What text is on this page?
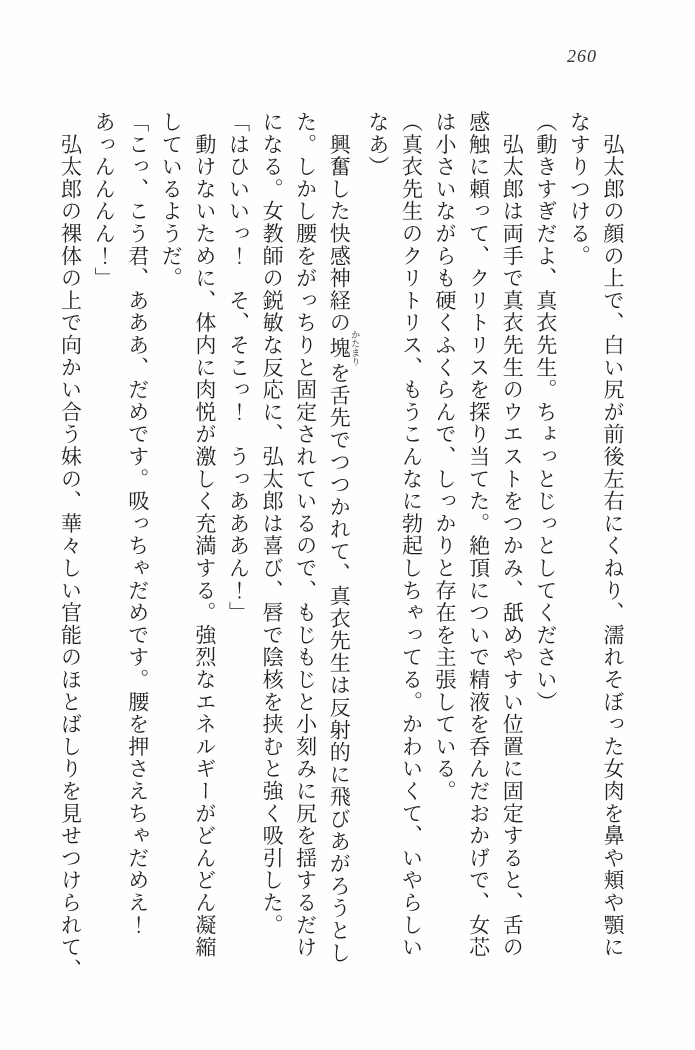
260
　弘太郎の顔の上で、白い尻が前後左右にくねり、濡れそぼった女肉を鼻や頬や顎に
なすりつける。
（動きすぎだよ、真衣先生。ちょっとじっとしてください）
　弘太郎は両手で真衣先生のウエストをつかみ、舐めやすい位置に固定すると、舌の
感触に頼って、クリトリスを探り当てた。絶頂についで精液を呑んだおかげで、女芯
は小さいながらも硬くふくらんで、しっかりと存在を主張している。
（真衣先生のクリトリス、もうこんなに勃起しちゃってる。かわいくて、いやらしい
なあ）
　興奮した快感神経の塊 かたまりを舌先でつつかれて、真衣先生は反射的に飛びあがろうとし
た。しかし腰をがっちりと固定されているので、もじもじと小刻みに尻を揺するだけ
になる。女教師の鋭敏な反応に、弘太郎は喜び、唇で陰核を挟むと強く吸引した。
「はひいいっ！　そ、そこっ！　うっあああん！」
　動けないために、体内に肉悦が激しく充満する。強烈なエネルギーがどんどん凝縮
しているようだ。
「こっ、こう君、あああ、だめです。吸っちゃだめです。腰を押さえちゃだめえ！
あっんんんん！」
　弘太郎の裸体の上で向かい合う妹の、華々しい官能のほとばしりを見せつけられて、
